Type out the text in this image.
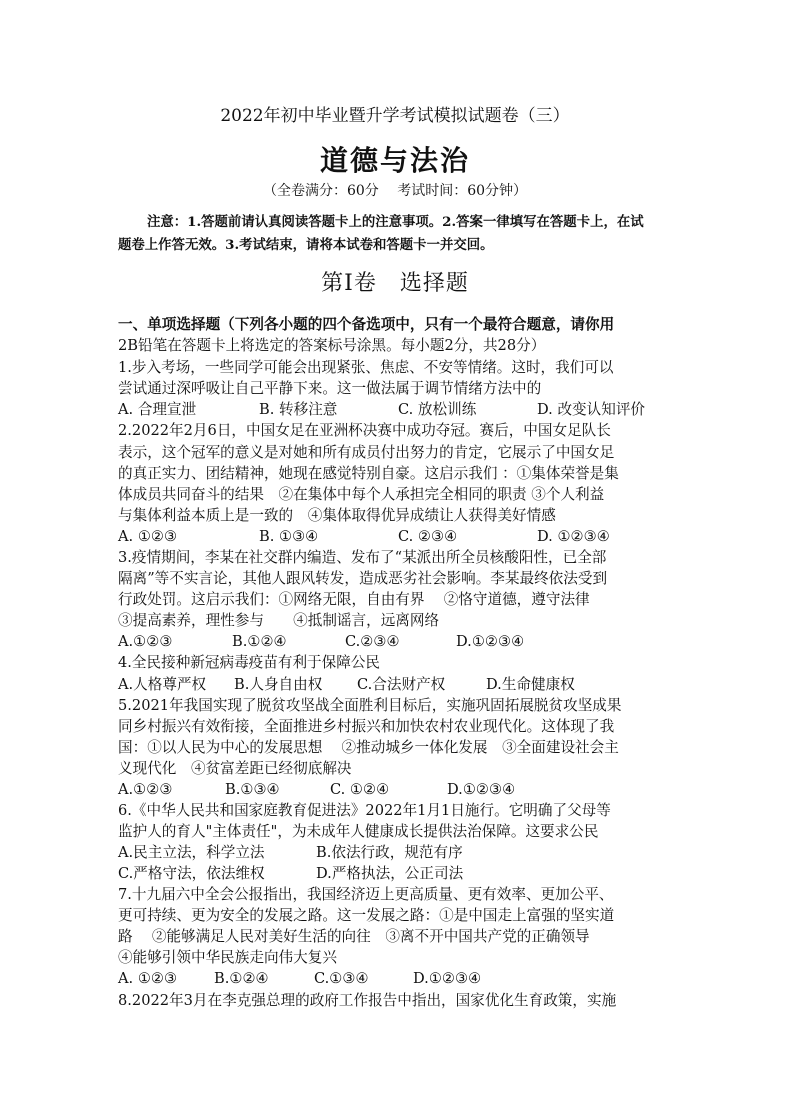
2022年初中毕业暨升学考试模拟试题卷（三）
道德与法治
（全卷满分：60分　 考试时间：60分钟）
注意：1.答题前请认真阅读答题卡上的注意事项。2.答案一律填写在答题卡上，在试
题卷上作答无效。3.考试结束，请将本试卷和答题卡一并交回。
第Ⅰ卷　选择题
一、单项选择题（下列各小题的四个备选项中，只有一个最符合题意，请你用
2B铅笔在答题卡上将选定的答案标号涂黑。每小题2分，共28分）
1.步入考场，一些同学可能会出现紧张、焦虑、不安等情绪。这时，我们可以
尝试通过深呼吸让自己平静下来。这一做法属于调节情绪方法中的
A. 合理宣泄	B. 转移注意	C. 放松训练	D. 改变认知评价
2.2022年2月6日，中国女足在亚洲杯决赛中成功夺冠。赛后，中国女足队长
表示，这个冠军的意义是对她和所有成员付出努力的肯定，它展示了中国女足
的真正实力、团结精神，她现在感觉特别自豪。这启示我们 ：①集体荣誉是集
体成员共同奋斗的结果　②在集体中每个人承担完全相同的职责 ③个人利益
与集体利益本质上是一致的　④集体取得优异成绩让人获得美好情感
A. ①②③	B. ①③④	C. ②③④	D. ①②③④
3.疫情期间，李某在社交群内编造、发布了“某派出所全员核酸阳性，已全部
隔离”等不实言论，其他人跟风转发，造成恶劣社会影响。李某最终依法受到
行政处罚。这启示我们：①网络无限，自由有界　 ②恪守道德，遵守法律
③提高素养，理性参与　　④抵制谣言，远离网络
A.①②③	B.①②④	C.②③④	D.①②③④
4.全民接种新冠病毒疫苗有利于保障公民
A.人格尊严权 B.人身自由权 C.合法财产权	D.生命健康权
5.2021年我国实现了脱贫攻坚战全面胜利目标后，实施巩固拓展脱贫攻坚成果
同乡村振兴有效衔接，全面推进乡村振兴和加快农村农业现代化。这体现了我
国：①以人民为中心的发展思想　 ②推动城乡一体化发展　③全面建设社会主
义现代化　④贫富差距已经彻底解决
A.①②③	B.①③④	C. ①②④	D.①②③④
6.《中华人民共和国家庭教育促进法》2022年1月1日施行。它明确了父母等
监护人的育人"主体责任"，为未成年人健康成长提供法治保障。这要求公民
A.民主立法，科学立法	B.依法行政，规范有序
C.严格守法，依法维权	D.严格执法，公正司法
7.十九届六中全会公报指出，我国经济迈上更高质量、更有效率、更加公平、
更可持续、更为安全的发展之路。这一发展之路：①是中国走上富强的坚实道
路　 ②能够满足人民对美好生活的向往　③离不开中国共产党的正确领导
④能够引领中华民族走向伟大复兴
A. ①②③	B.①②④	C.①③④	D.①②③④
8.2022年3月在李克强总理的政府工作报告中指出，国家优化生育政策，实施
